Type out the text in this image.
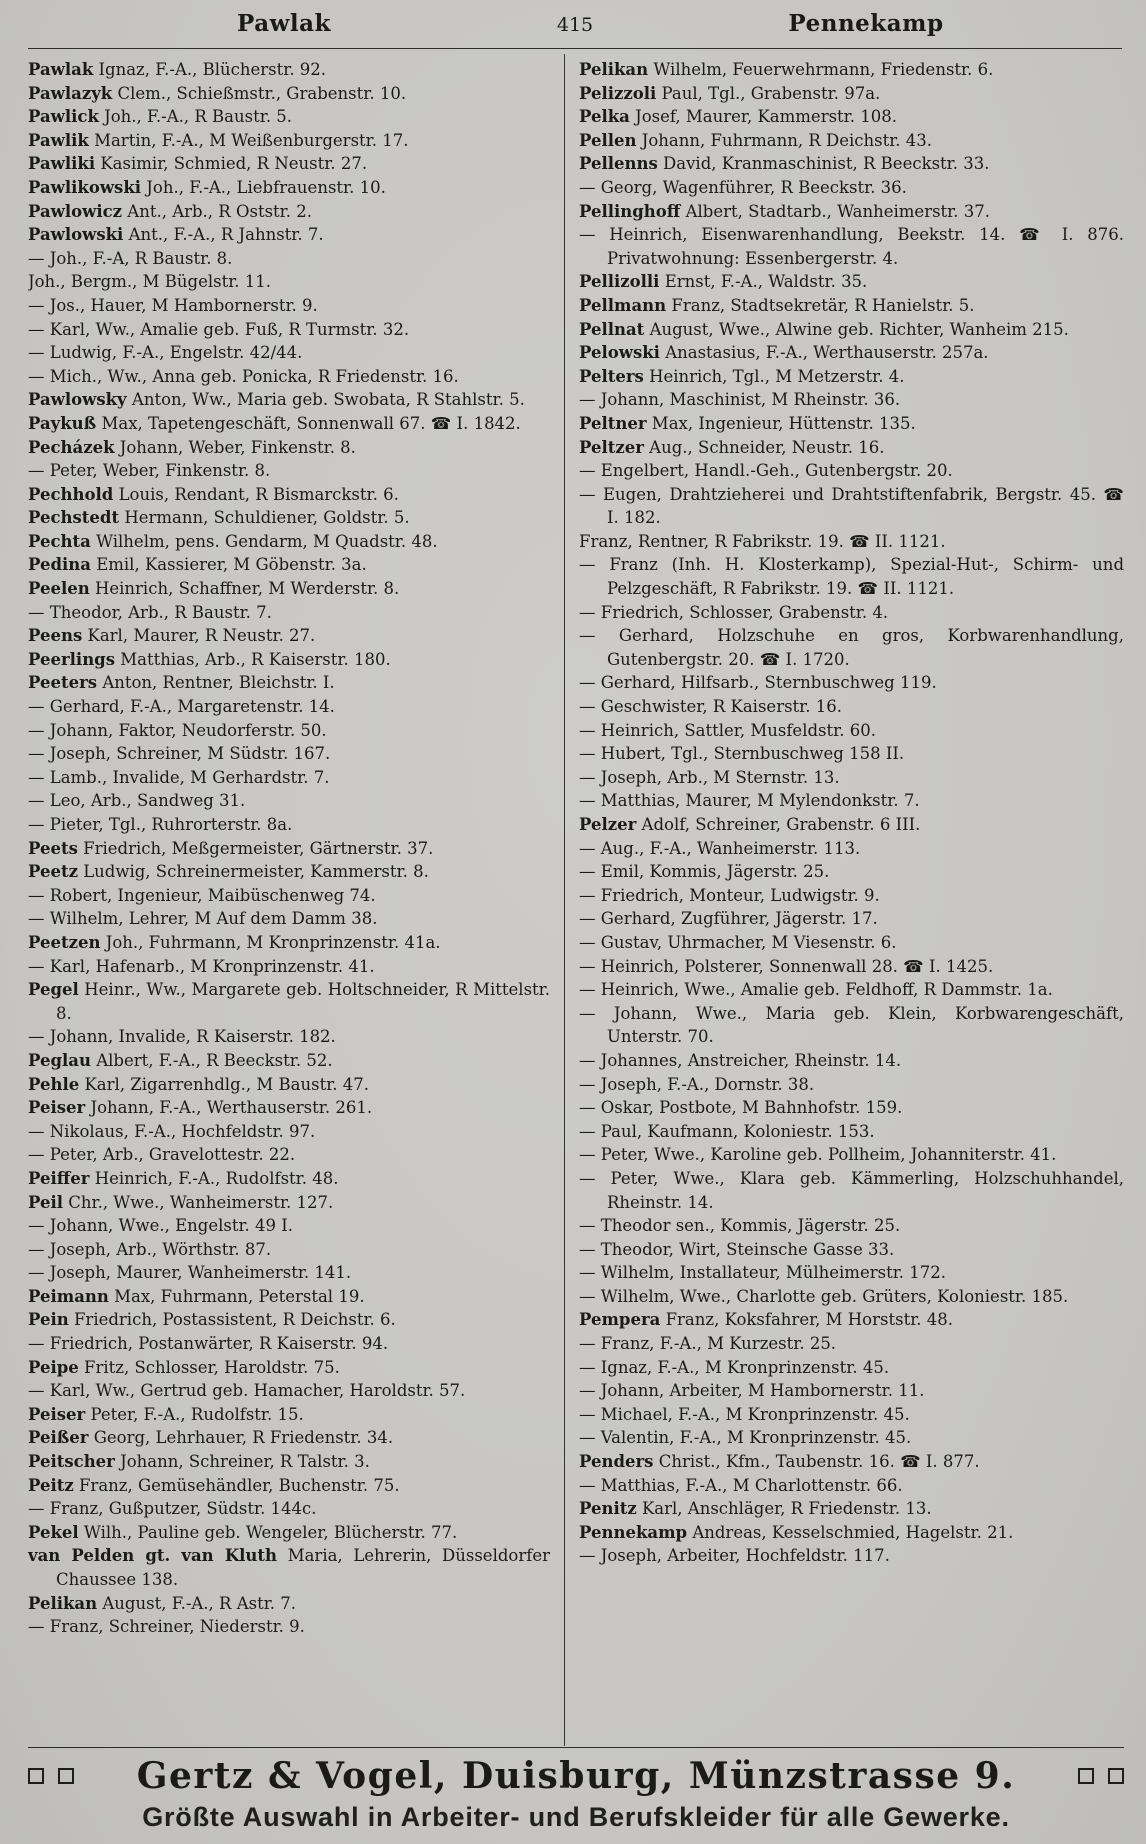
Pawlak	415	Pennekamp
Pawlak Ignaz, F.-A., Blücherstr. 92.
Pawlazyk Clem., Schießmstr., Grabenstr. 10.
Pawlick Joh., F.-A., R Baustr. 5.
Pawlik Martin, F.-A., M Weißenburgerstr. 17.
Pawliki Kasimir, Schmied, R Neustr. 27.
Pawlikowski Joh., F.-A., Liebfrauenstr. 10.
Pawlowicz Ant., Arb., R Oststr. 2.
Pawlowski Ant., F.-A., R Jahnstr. 7.
— Joh., F.-A, R Baustr. 8.
Joh., Bergm., M Bügelstr. 11.
— Jos., Hauer, M Hambornerstr. 9.
— Karl, Ww., Amalie geb. Fuß, R Turmstr. 32.
— Ludwig, F.-A., Engelstr. 42/44.
— Mich., Ww., Anna geb. Ponicka, R Friedenstr. 16.
Pawlowsky Anton, Ww., Maria geb. Swobata, R Stahlstr. 5.
Paykuß Max, Tapetengeschäft, Sonnenwall 67. ☎ I. 1842.
Pecházek Johann, Weber, Finkenstr. 8.
— Peter, Weber, Finkenstr. 8.
Pechhold Louis, Rendant, R Bismarckstr. 6.
Pechstedt Hermann, Schuldiener, Goldstr. 5.
Pechta Wilhelm, pens. Gendarm, M Quadstr. 48.
Pedina Emil, Kassierer, M Göbenstr. 3a.
Peelen Heinrich, Schaffner, M Werderstr. 8.
— Theodor, Arb., R Baustr. 7.
Peens Karl, Maurer, R Neustr. 27.
Peerlings Matthias, Arb., R Kaiserstr. 180.
Peeters Anton, Rentner, Bleichstr. I.
— Gerhard, F.-A., Margaretenstr. 14.
— Johann, Faktor, Neudorferstr. 50.
— Joseph, Schreiner, M Südstr. 167.
— Lamb., Invalide, M Gerhardstr. 7.
— Leo, Arb., Sandweg 31.
— Pieter, Tgl., Ruhrorterstr. 8a.
Peets Friedrich, Meßgermeister, Gärtnerstr. 37.
Peetz Ludwig, Schreinermeister, Kammerstr. 8.
— Robert, Ingenieur, Maibüschenweg 74.
— Wilhelm, Lehrer, M Auf dem Damm 38.
Peetzen Joh., Fuhrmann, M Kronprinzenstr. 41a.
— Karl, Hafenarb., M Kronprinzenstr. 41.
Pegel Heinr., Ww., Margarete geb. Holtschneider, R Mittelstr. 8.
— Johann, Invalide, R Kaiserstr. 182.
Peglau Albert, F.-A., R Beeckstr. 52.
Pehle Karl, Zigarrenhdlg., M Baustr. 47.
Peiser Johann, F.-A., Werthauserstr. 261.
— Nikolaus, F.-A., Hochfeldstr. 97.
— Peter, Arb., Gravelottestr. 22.
Peiffer Heinrich, F.-A., Rudolfstr. 48.
Peil Chr., Wwe., Wanheimerstr. 127.
— Johann, Wwe., Engelstr. 49 I.
— Joseph, Arb., Wörthstr. 87.
— Joseph, Maurer, Wanheimerstr. 141.
Peimann Max, Fuhrmann, Peterstal 19.
Pein Friedrich, Postassistent, R Deichstr. 6.
— Friedrich, Postanwärter, R Kaiserstr. 94.
Peipe Fritz, Schlosser, Haroldstr. 75.
— Karl, Ww., Gertrud geb. Hamacher, Haroldstr. 57.
Peiser Peter, F.-A., Rudolfstr. 15.
Peißer Georg, Lehrhauer, R Friedenstr. 34.
Peitscher Johann, Schreiner, R Talstr. 3.
Peitz Franz, Gemüsehändler, Buchenstr. 75.
— Franz, Gußputzer, Südstr. 144c.
Pekel Wilh., Pauline geb. Wengeler, Blücherstr. 77.
van Pelden gt. van Kluth Maria, Lehrerin, Düsseldorfer Chaussee 138.
Pelikan August, F.-A., R Astr. 7.
— Franz, Schreiner, Niederstr. 9.
Pelikan Wilhelm, Feuerwehrmann, Friedenstr. 6.
Pelizzoli Paul, Tgl., Grabenstr. 97a.
Pelka Josef, Maurer, Kammerstr. 108.
Pellen Johann, Fuhrmann, R Deichstr. 43.
Pellenns David, Kranmaschinist, R Beeckstr. 33.
— Georg, Wagenführer, R Beeckstr. 36.
Pellinghoff Albert, Stadtarb., Wanheimerstr. 37.
— Heinrich, Eisenwarenhandlung, Beekstr. 14. ☎ I. 876. Privatwohnung: Essenbergerstr. 4.
Pellizolli Ernst, F.-A., Waldstr. 35.
Pellmann Franz, Stadtsekretär, R Hanielstr. 5.
Pellnat August, Wwe., Alwine geb. Richter, Wanheim 215.
Pelowski Anastasius, F.-A., Werthauserstr. 257a.
Pelters Heinrich, Tgl., M Metzerstr. 4.
— Johann, Maschinist, M Rheinstr. 36.
Peltner Max, Ingenieur, Hüttenstr. 135.
Peltzer Aug., Schneider, Neustr. 16.
— Engelbert, Handl.-Geh., Gutenbergstr. 20.
— Eugen, Drahtzieherei und Drahtstiftenfabrik, Bergstr. 45. ☎ I. 182.
Franz, Rentner, R Fabrikstr. 19. ☎ II. 1121.
— Franz (Inh. H. Klosterkamp), Spezial-Hut-, Schirm- und Pelzgeschäft, R Fabrikstr. 19. ☎ II. 1121.
— Friedrich, Schlosser, Grabenstr. 4.
— Gerhard, Holzschuhe en gros, Korbwarenhandlung, Gutenbergstr. 20. ☎ I. 1720.
— Gerhard, Hilfsarb., Sternbuschweg 119.
— Geschwister, R Kaiserstr. 16.
— Heinrich, Sattler, Musfeldstr. 60.
— Hubert, Tgl., Sternbuschweg 158 II.
— Joseph, Arb., M Sternstr. 13.
— Matthias, Maurer, M Mylendonkstr. 7.
Pelzer Adolf, Schreiner, Grabenstr. 6 III.
— Aug., F.-A., Wanheimerstr. 113.
— Emil, Kommis, Jägerstr. 25.
— Friedrich, Monteur, Ludwigstr. 9.
— Gerhard, Zugführer, Jägerstr. 17.
— Gustav, Uhrmacher, M Viesenstr. 6.
— Heinrich, Polsterer, Sonnenwall 28. ☎ I. 1425.
— Heinrich, Wwe., Amalie geb. Feldhoff, R Dammstr. 1a.
— Johann, Wwe., Maria geb. Klein, Korbwarengeschäft, Unterstr. 70.
— Johannes, Anstreicher, Rheinstr. 14.
— Joseph, F.-A., Dornstr. 38.
— Oskar, Postbote, M Bahnhofstr. 159.
— Paul, Kaufmann, Koloniestr. 153.
— Peter, Wwe., Karoline geb. Pollheim, Johanniterstr. 41.
— Peter, Wwe., Klara geb. Kämmerling, Holzschuhhandel, Rheinstr. 14.
— Theodor sen., Kommis, Jägerstr. 25.
— Theodor, Wirt, Steinsche Gasse 33.
— Wilhelm, Installateur, Mülheimerstr. 172.
— Wilhelm, Wwe., Charlotte geb. Grüters, Koloniestr. 185.
Pempera Franz, Koksfahrer, M Horststr. 48.
— Franz, F.-A., M Kurzestr. 25.
— Ignaz, F.-A., M Kronprinzenstr. 45.
— Johann, Arbeiter, M Hambornerstr. 11.
— Michael, F.-A., M Kronprinzenstr. 45.
— Valentin, F.-A., M Kronprinzenstr. 45.
Penders Christ., Kfm., Taubenstr. 16. ☎ I. 877.
— Matthias, F.-A., M Charlottenstr. 66.
Penitz Karl, Anschläger, R Friedenstr. 13.
Pennekamp Andreas, Kesselschmied, Hagelstr. 21.
— Joseph, Arbeiter, Hochfeldstr. 117.
Gertz & Vogel, Duisburg, Münzstrasse 9.
Größte Auswahl in Arbeiter- und Berufskleider für alle Gewerke.
